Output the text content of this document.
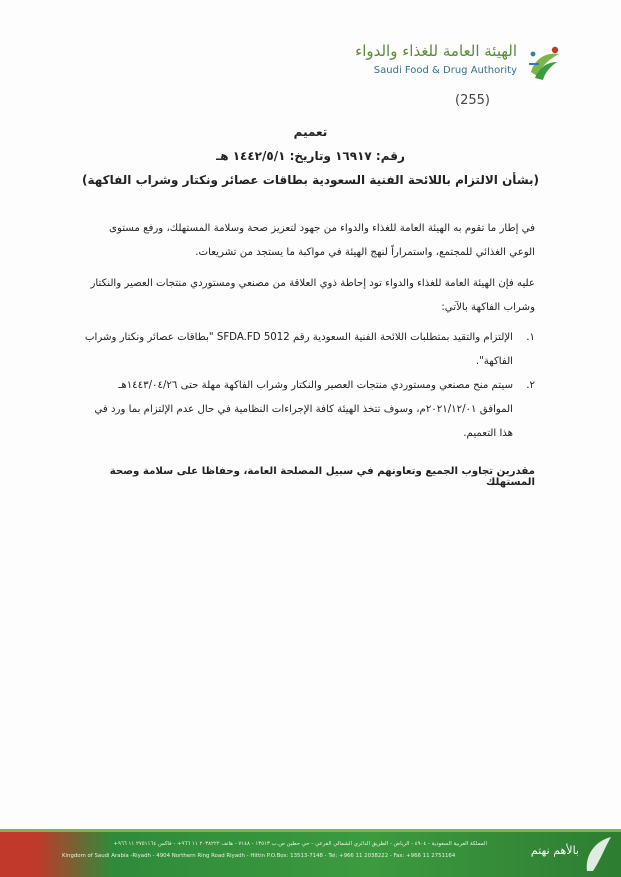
الهيئة العامة للغذاء والدواء
Saudi Food & Drug Authority
(255)
تعميم
رقم: ١٦٩١٧ وتاريخ: ١٤٤٢/٥/١ هـ
(بشأن الالتزام باللائحة الفنية السعودية بطاقات عصائر ونكتار وشراب الفاكهة)
في إطار ما تقوم به الهيئة العامة للغذاء والدواء من جهود لتعزيز صحة وسلامة المستهلك، ورفع مستوى الوعي الغذائي للمجتمع، واستمراراً لنهج الهيئة في مواكبة ما يستجد من تشريعات.
عليه فإن الهيئة العامة للغذاء والدواء تود إحاطة ذوي العلاقة من مصنعي ومستوردي منتجات العصير والنكتار وشراب الفاكهة بالآتي:
١.
الإلتزام والتقيد بمتطلبات اللائحة الفنية السعودية رقم SFDA.FD 5012 "بطاقات عصائر ونكتار وشراب الفاكهة".
٢.
سيتم منح مصنعي ومستوردي منتجات العصير والنكتار وشراب الفاكهة مهلة حتى ١٤٤٣/٠٤/٢٦هـ الموافق ٢٠٢١/١٢/٠١م، وسوف تتخذ الهيئة كافة الإجراءات النظامية في حال عدم الإلتزام بما ورد في هذا التعميم.
مقدرين تجاوب الجميع وتعاونهم في سبيل المصلحة العامة، وحفاظا على سلامة وصحة المستهلك
المملكة العربية السعودية - ٤٩٠٤ - الرياض - الطريق الدائري الشمالي الفرعي - حي حطين ص.ب ١٣٥١٣ - ٧١٤٨ - هاتف ٢٠٣٨٢٢٢ ١١ ٩٦٦+ - فاكس ٢٧٥١١٦٤ ١١ ٩٦٦+
Kingdom of Saudi Arabia -Riyadh - 4904 Northern Ring Road Riyadh - Hittin P.O.Box: 13513-7148 - Tel: +966 11 2038222 - Fax: +966 11 2751164	بالأهم نهتم
